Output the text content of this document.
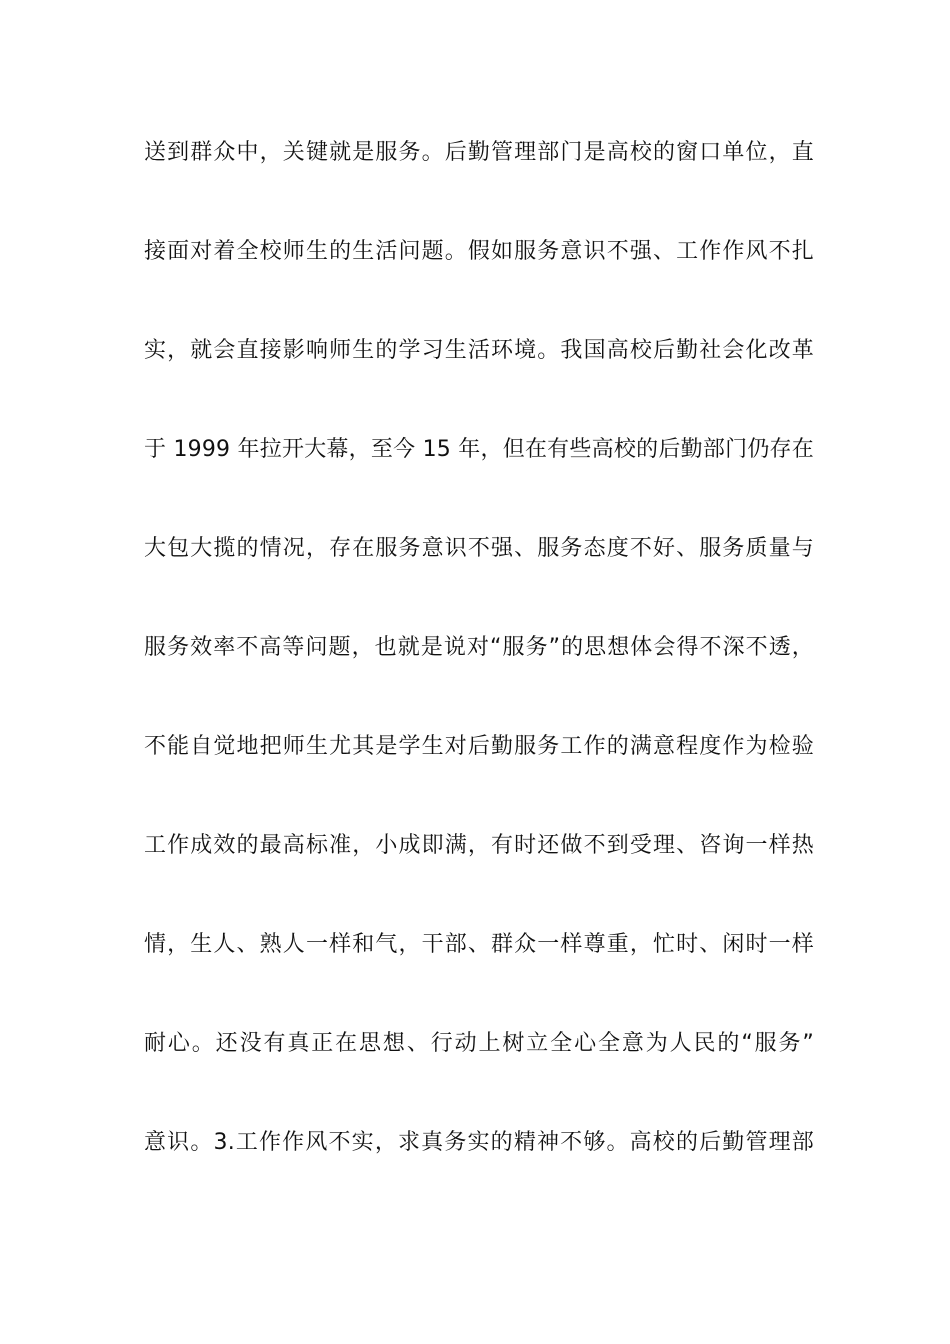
送到群众中，关键就是服务。后勤管理部门是高校的窗口单位，直
接面对着全校师生的生活问题。假如服务意识不强、工作作风不扎
实，就会直接影响师生的学习生活环境。我国高校后勤社会化改革
于 1999 年拉开大幕，至今 15 年，但在有些高校的后勤部门仍存在
大包大揽的情况，存在服务意识不强、服务态度不好、服务质量与
服务效率不高等问题，也就是说对“服务”的思想体会得不深不透，
不能自觉地把师生尤其是学生对后勤服务工作的满意程度作为检验
工作成效的最高标准，小成即满，有时还做不到受理、咨询一样热
情，生人、熟人一样和气，干部、群众一样尊重，忙时、闲时一样
耐心。还没有真正在思想、行动上树立全心全意为人民的“服务”
意识。3.工作作风不实，求真务实的精神不够。高校的后勤管理部
